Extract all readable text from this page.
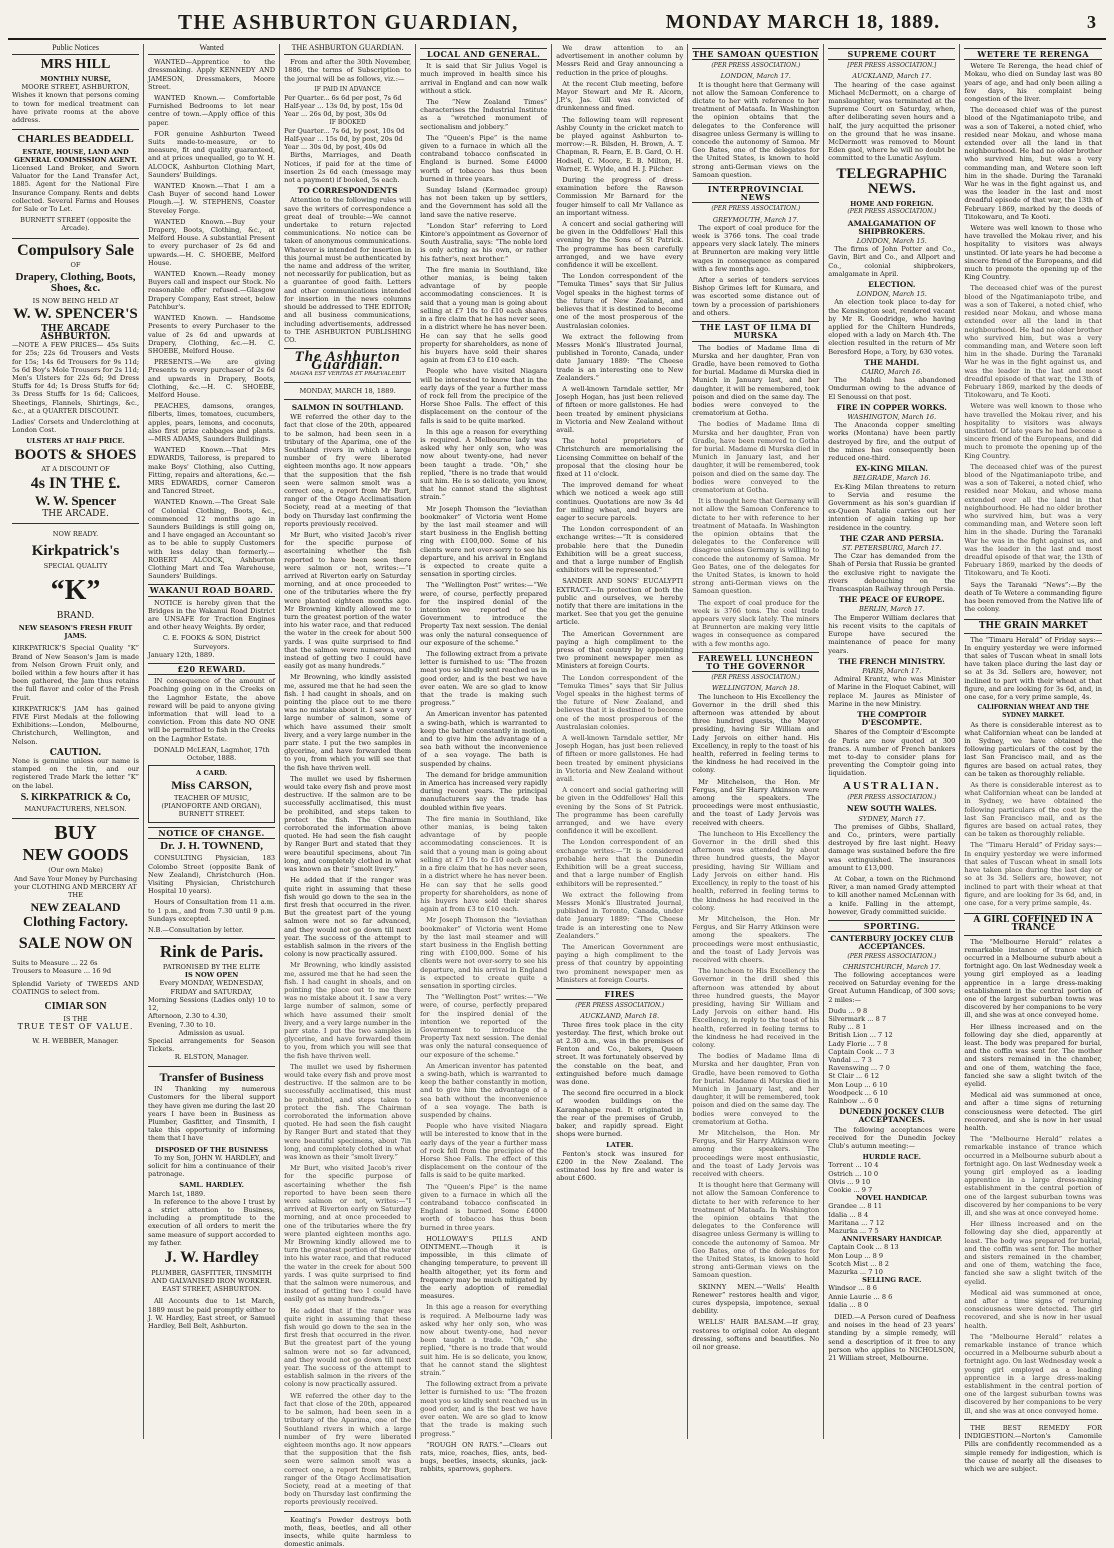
THE ASHBURTON GUARDIAN,	MONDAY MARCH 18, 1889.	3
Public Notices
MRS HILL
MONTHLY NURSE,
MOORE STREET, ASHBURTON,

Wishes it known that persons coming to town for medical treatment can have private rooms at the above address.

CHARLES BEADDELL
ESTATE, HOUSE, LAND AND GENERAL COMMISSION AGENT.

Licensed Land Broker, and Sworn Valuator for the Land Transfer Act, 1885. Agent for the National Fire Insurance Company. Rents and debts collected. Several Farms and Houses for Sale or To Let.

BURNETT STREET (opposite the Arcade).
Compulsory Sale
OF
Drapery, Clothing, Boots, Shoes, &c.
IS NOW BEING HELD AT
W. W. SPENCER'S
THE ARCADE ASHBURTON.

—NOTE A FEW PRICES— 45s Suits for 25s; 22s 6d Trousers and Vests for 15s; 14s 6d Trousers for 9s 11d; 5s 6d Boy's Mole Trousers for 2s 11d; Men's Ulsters for 22s 6d; 9d Dress Stuffs for 4d; 1s Dress Stuffs for 6d; 3s Dress Stuffs for 1s 6d; Calicoes, Sheetings, Flannels, Shirtings, &c., &c., at a QUARTER DISCOUNT.

Ladies' Corsets and Underclothing at London Cost.

ULSTERS AT HALF PRICE.
BOOTS & SHOES
AT A DISCOUNT OF
4s IN THE £.
W. W. Spencer
THE ARCADE.
NOW READY.
Kirkpatrick's
SPECIAL QUALITY
“K”
BRAND.
NEW SEASON'S FRESH FRUIT JAMS.

KIRKPATRICK'S Special Quality “K” Brand of New Season's Jam is made from Nelson Grown Fruit only, and boiled within a few hours after it has been gathered, the Jam thus retains the full flavor and color of the Fresh Fruit.

KIRKPATRICK'S JAM has gained FIVE First Medals at the following Exhibitions:—London, Melbourne, Christchurch, Wellington, and Nelson.

CAUTION.

None is genuine unless our name is stamped on the tin, and our registered Trade Mark the letter “K” on the label.

S. KIRKPATRICK & Co,
MANUFACTURERS, NELSON.
BUY
NEW GOODS
(Our own Make)
And Save Your Money by Purchasing your CLOTHING AND MERCERY AT THE
NEW ZEALAND
Clothing Factory.
SALE NOW ON
Suits to Measure ... 22 6s
Trousers to Measure ... 16 9d

Splendid Variety of TWEEDS AND COATINGS to select from.

CIMIAR SON
IS THE
TRUE TEST OF VALUE.
W. H. WEBBER, Manager.
Wanted

WANTED—Apprentice to the dressmaking. Apply KENNEDY AND JAMESON, Dressmakers, Moore Street.

WANTED Known.— Comfortable Furnished Bedrooms to let near centre of town.—Apply office of this paper.

FOR genuine Ashburton Tweed Suits made-to-measure, or to measure, fit and quality guaranteed, and at prices unequalled, go to W. H. ALCOCK, Ashburton Clothing Mart, Saunders' Buildings.

WANTED Known.—That I am a Cash Buyer of second hand Lower Plough.—J. W. STEPHENS, Coaster Steveley Forge.

WANTED Known.—Buy your Drapery, Boots, Clothing, &c., at Melford House. A substantial Present to every purchaser of 2s 6d and upwards.—H. C. SHOEBE, Melford House.

WANTED Known.—Ready money Buyers call and inspect our Stock. No reasonable offer refused.—Glasgow Drapery Company, East street, below Patchbur's.

WANTED Known. — Handsome Presents to every Purchaser to the value of 2s 6d and upwards at Drapery, Clothing, &c.—H. C. SHOEBE, Melford House.

PRESENTS.—We are giving Presents to every purchaser of 2s 6d and upwards in Drapery, Boots, Clothing, &c.—H. C. SHOEBE, Melford House.

PEACHES, damsons, oranges, filberts, limes, tomatoes, cucumbers, apples, pears, lemons, and coconuts, also first prize cabbages and plants.—MRS ADAMS, Saunders Buildings.

WANTED Known.—That Mrs EDWARDS, Tailoress, is prepared to make Boys' Clothing, also Cutting, Fitting, repairs and alterations, &c.—MRS EDWARDS, corner Cameron and Tancred Street.

WANTED Known.—The Great Sale of Colonial Clothing, Boots, &c., commenced 12 months ago in Saunders Buildings is still going on, and I have engaged an Accountant so as to be able to supply Customers with less delay than formerly.—ROBERT ALCOCK, Ashburton Clothing Mart and Tea Warehouse, Saunders' Buildings.

WAKANUI ROAD BOARD.

NOTICE is hereby given that the Bridges in the Wakanui Road District are UNSAFE for Traction Engines and other heavy Weights. By order,

C. E. FOOKS & SON, District Surveyors.
January 12th, 1889.
£20 REWARD.

IN consequence of the amount of Poaching going on in the Creeks on the Lagmhor Estate, the above reward will be paid to anyone giving information that will lead to a conviction. From this date NO ONE will be permitted to fish in the Creeks on the Lagmhor Estate.

DONALD McLEAN, Lagmhor, 17th October, 1888.
A CARD.
Miss CARSON,
TEACHER OF MUSIC, (PIANOFORTE AND ORGAN),
BURNETT STREET.
NOTICE OF CHANGE.
Dr. J. H. TOWNEND,

CONSULTING Physician, 183 Colombo Street (opposite Bank of New Zealand), Christchurch (Hon. Visiting Physician, Christchurch Hospital 10 years).

Hours of Consultation from 11 a.m. to 1 p.m., and from 7.30 until 9 p.m. Sundays excepted.

N.B.—Consultation by letter.
Rink de Paris.
PATRONISED BY THE ELITE
IS NOW OPEN
Every MONDAY, WEDNESDAY, FRIDAY and SATURDAY,
Morning Sessions (Ladies only) 10 to 12,
Afternoon, 2.30 to 4.30,
Evening, 7.30 to 10.
Admission as usual.
Special arrangements for Season Tickets.
R. ELSTON, Manager.
Transfer of Business

IN Thanking my numerous Customers for the liberal support they have given me during the last 20 years I have been in Business as Plumber, Gasfitter, and Tinsmith, I take this opportunity of informing them that I have

DISPOSED OF THE BUSINESS

To my Son, JOHN W. HARDLEY, and solicit for him a continuance of their patronage.

SAML. HARDLEY.
March 1st, 1889.

In reference to the above I trust by a strict attention to Business, including a promptitude to the execution of all orders to merit the same measure of support accorded to my father.

J. W. Hardley
PLUMBER, GASFITTER, TINSMITH AND GALVANISED IRON WORKER.
EAST STREET, ASHBURTON.

All Accounts due to 1st March, 1889 must be paid promptly either to J. W. Hardley, East street, or Samuel Hardley, Bell Belt, Ashburton.

THE ASHBURTON GUARDIAN.

From and after the 30th November, 1886, the terms of Subscription to the journal will be as follows, viz.:—

IF PAID IN ADVANCE
Per Quarter... 6s 6d per post, 7s 6d
Half-year ... 13s 0d, by post, 15s 0d
Year ... 26s 0d, by post, 30s 0d
IF BOOKED
Per Quarter... 7s 6d, by post, 10s 0d
Half-year ... 15s 0d, by post, 20s 0d
Year ... 30s 0d, by post, 40s 0d

Births, Marriages, and Death Notices, if paid for at the time of insertion 2s 6d each (message may not a payment) if booked, 5s each.

TO CORRESPONDENTS

Attention to the following rules will save the writers of correspondence a great deal of trouble:—We cannot undertake to return rejected communications. No notice can be taken of anonymous communications. Whatever is intended for insertion in this journal must be authenticated by the name and address of the writer, not necessarily for publication, but as a guarantee of good faith. Letters and other communications intended for insertion in the news columns should be addressed to THE EDITOR; and all business communications, including advertisements, addressed to THE ASHBURTON PUBLISHING CO.

The Ashburton Guardian.
MAGNA EST VERITAS ET PRAEVALEBIT
MONDAY, MARCH 18, 1889.
SALMON IN SOUTHLAND.

WE referred the other day to the fact that close of the 20th, appeared to be salmon, had been seen in a tributary of the Aparima, one of the Southland rivers in which a large number of fry were liberated eighteen months ago. It now appears that the supposition that the fish seen were salmon smolt was a correct one, a report from Mr Burt, ranger of the Otago Acclimatisation Society, read at a meeting of that body on Thursday last confirming the reports previously received.

Mr Burt, who visited Jacob's river for the specific purpose of ascertaining whether the fish reported to have been seen there were salmon or not, writes:—“I arrived at Riverton early on Saturday morning, and at once proceeded to one of the tributaries where the fry were planted eighteen months ago. Mr Browning kindly allowed me to turn the greatest portion of the water into his water race, and that reduced the water in the creek for about 500 yards. I was quite surprised to find that the salmon were numerous, and instead of getting two I could have easily got as many hundreds.”

Mr Browning, who kindly assisted me, assured me that he had seen the fish. I had caught in shoals, and on pointing the place out to me there was no mistake about it. I saw a very large number of salmon, some of which have assumed their smolt livery, and a very large number in the parr state. I put the two samples in glycerine, and have forwarded them to you, from which you will see that the fish have thriven well.

The mullet we used by fishermen would take every fish and prove most destructive. If the salmon are to be successfully acclimatised, this must be prohibited, and steps taken to protect the fish. The Chairman corroborated the information above quoted. He had seen the fish caught by Ranger Burt and stated that they were beautiful specimens, about 7in long, and completely clothed in what was known as their “smolt livery.”

He added that if the ranger was quite right in assuming that these fish would go down to the sea in the first fresh that occurred in the river. But the greatest part of the young salmon were not so far advanced, and they would not go down till next year. The success of the attempt to establish salmon in the rivers of the colony is now practically assured.

Mr Browning, who kindly assisted me, assured me that he had seen the fish. I had caught in shoals, and on pointing the place out to me there was no mistake about it. I saw a very large number of salmon, some of which have assumed their smolt livery, and a very large number in the parr state. I put the two samples in glycerine, and have forwarded them to you, from which you will see that the fish have thriven well.

The mullet we used by fishermen would take every fish and prove most destructive. If the salmon are to be successfully acclimatised, this must be prohibited, and steps taken to protect the fish. The Chairman corroborated the information above quoted. He had seen the fish caught by Ranger Burt and stated that they were beautiful specimens, about 7in long, and completely clothed in what was known as their “smolt livery.”

Mr Burt, who visited Jacob's river for the specific purpose of ascertaining whether the fish reported to have been seen there were salmon or not, writes:—“I arrived at Riverton early on Saturday morning, and at once proceeded to one of the tributaries where the fry were planted eighteen months ago. Mr Browning kindly allowed me to turn the greatest portion of the water into his water race, and that reduced the water in the creek for about 500 yards. I was quite surprised to find that the salmon were numerous, and instead of getting two I could have easily got as many hundreds.”

He added that if the ranger was quite right in assuming that these fish would go down to the sea in the first fresh that occurred in the river. But the greatest part of the young salmon were not so far advanced, and they would not go down till next year. The success of the attempt to establish salmon in the rivers of the colony is now practically assured.

WE referred the other day to the fact that close of the 20th, appeared to be salmon, had been seen in a tributary of the Aparima, one of the Southland rivers in which a large number of fry were liberated eighteen months ago. It now appears that the supposition that the fish seen were salmon smolt was a correct one, a report from Mr Burt, ranger of the Otago Acclimatisation Society, read at a meeting of that body on Thursday last confirming the reports previously received.

Keating's Powder destroys both moth, fleas, beetles, and all other insects, while quite harmless to domestic animals.

LOCAL AND GENERAL.

It is said that Sir Julius Vogel is much improved in health since his arrival in England and can now walk without a stick.

The “New Zealand Times” characterises the Industrial Institute as a “wretched monument of sectionalism and jobbery.”

The “Queen's Pipe” is the name given to a furnace in which all the contraband tobacco confiscated in England is burned. Some £4000 worth of tobacco has thus been burned in three years.

Sunday Island (Kermadec group) has not been taken up by settlers, and the Government has sold all the land save the native reserve.

“London Star” referring to Lord Kintore's appointment as Governor of South Australia, says: “The noble lord is only acting as his own, or rather his father's, next brother.”

The fire mania in Southland, like other manias, is being taken advantage of by people accommodating consciences. It is said that a young man is going about selling at £7 10s to £10 each shares in a fire claim that he has never seen, in a district where he has never been. He can say that he sells good property for shareholders, as none of his buyers have sold their shares again at from £3 to £10 each.

People who have visited Niagara will be interested to know that in the early days of the year a further mass of rock fell from the precipice of the Horse Shoe Falls. The effect of this displacement on the contour of the falls is said to be quite marked.

In this age a reason for everything is required. A Melbourne lady was asked why her only son, who was now about twenty-one, had never been taught a trade. “Oh,” she replied, “there is no trade that would suit him. He is so delicate, you know, that he cannot stand the slightest strain.”

Mr Joseph Thomson the “leviathan bookmaker” of Victoria went Home by the last mail steamer and will start business in the English betting ring with £100,000. Some of his clients were not over-sorry to see his departure, and his arrival in England is expected to create quite a sensation in sporting circles.

The “Wellington Post” writes:—“We were, of course, perfectly prepared for the inspired denial of the intention we reported of the Government to introduce the Property Tax next session. The denial was only the natural consequence of our exposure of the scheme.”

The following extract from a private letter is furnished to us: “The frozen meat you so kindly sent reached us in good order, and is the best we have ever eaten. We are so glad to know that the trade is making such progress.”

An American inventor has patented a swing-bath, which is warranted to keep the bather constantly in motion, and to give him the advantage of a sea bath without the inconvenience of a sea voyage. The bath is suspended by chains.

The demand for bridge ammunition in America has increased very rapidly during recent years. The principal manufacturers say the trade has doubled within five years.

The fire mania in Southland, like other manias, is being taken advantage of by people accommodating consciences. It is said that a young man is going about selling at £7 10s to £10 each shares in a fire claim that he has never seen, in a district where he has never been. He can say that he sells good property for shareholders, as none of his buyers have sold their shares again at from £3 to £10 each.

Mr Joseph Thomson the “leviathan bookmaker” of Victoria went Home by the last mail steamer and will start business in the English betting ring with £100,000. Some of his clients were not over-sorry to see his departure, and his arrival in England is expected to create quite a sensation in sporting circles.

The “Wellington Post” writes:—“We were, of course, perfectly prepared for the inspired denial of the intention we reported of the Government to introduce the Property Tax next session. The denial was only the natural consequence of our exposure of the scheme.”

An American inventor has patented a swing-bath, which is warranted to keep the bather constantly in motion, and to give him the advantage of a sea bath without the inconvenience of a sea voyage. The bath is suspended by chains.

People who have visited Niagara will be interested to know that in the early days of the year a further mass of rock fell from the precipice of the Horse Shoe Falls. The effect of this displacement on the contour of the falls is said to be quite marked.

The “Queen's Pipe” is the name given to a furnace in which all the contraband tobacco confiscated in England is burned. Some £4000 worth of tobacco has thus been burned in three years.

HOLLOWAY'S PILLS AND OINTMENT.—Though it is impossible, in this climate of changing temperature, to prevent ill health altogether, yet its form and frequency may be much mitigated by the early adoption of remedial measures.

In this age a reason for everything is required. A Melbourne lady was asked why her only son, who was now about twenty-one, had never been taught a trade. “Oh,” she replied, “there is no trade that would suit him. He is so delicate, you know, that he cannot stand the slightest strain.”

The following extract from a private letter is furnished to us: “The frozen meat you so kindly sent reached us in good order, and is the best we have ever eaten. We are so glad to know that the trade is making such progress.”

“ROUGH ON RATS.”—Clears out rats, mice, roaches, flies, ants, bed-bugs, beetles, insects, skunks, jack-rabbits, sparrows, gophers.

We draw attention to an advertisement in another column by Messrs Reid and Gray announcing a reduction in the price of ploughs.

At the recent Club meeting, before Mayor Stewart and Mr R. Alcorn, J.P.'s, Jas. Gill was convicted of drunkenness and fined.

The following team will represent Ashby County in the cricket match to be played against Ashburton to-morrow:—R. Bilsden, H. Brown, A. T. Chapman, R. Fearn, E. B. Gard, O. H. Hodsell, C. Moore, E. B. Milton, H. Warner, E. Wylde, and H. J. Pilcher.

During the progress of dress-examination before the Rawson Commission Mr Barnard for the fouger himself to call Mr Vallance as an important witness.

A concert and social gathering will be given in the Oddfellows' Hall this evening by the Sons of St Patrick. The programme has been carefully arranged, and we have every confidence it will be excellent.

The London correspondent of the “Temuka Times” says that Sir Julius Vogel speaks in the highest terms of the future of New Zealand, and believes that it is destined to become one of the most prosperous of the Australasian colonies.

We extract the following from Messrs Monk's Illustrated Journal, published in Toronto, Canada, under date January 1889: “The Cheese trade is an interesting one to New Zealanders.”

A well-known Tarndale settler, Mr Joseph Hogan, has just been relieved of fifteen or more gallstones. He had been treated by eminent physicians in Victoria and New Zealand without avail.

The hotel proprietors of Christchurch are memorialising the Licensing Committee on behalf of the proposal that the closing hour be fixed at 11 o'clock.

The improved demand for wheat which we noticed a week ago still continues. Quotations are now 3s 4d for milling wheat, and buyers are eager to secure parcels.

The London correspondent of an exchange writes:—“It is considered probable here that the Dunedin Exhibition will be a great success, and that a large number of English exhibitors will be represented.”

SANDER AND SONS' EUCALYPTI EXTRACT.—In protection of both the public and ourselves, we hereby notify that there are imitations in the market. See that you get the genuine article.

The American Government are paying a high compliment to the press of that country by appointing two prominent newspaper men as Ministers at foreign Courts.

The London correspondent of the “Temuka Times” says that Sir Julius Vogel speaks in the highest terms of the future of New Zealand, and believes that it is destined to become one of the most prosperous of the Australasian colonies.

A well-known Tarndale settler, Mr Joseph Hogan, has just been relieved of fifteen or more gallstones. He had been treated by eminent physicians in Victoria and New Zealand without avail.

A concert and social gathering will be given in the Oddfellows' Hall this evening by the Sons of St Patrick. The programme has been carefully arranged, and we have every confidence it will be excellent.

The London correspondent of an exchange writes:—“It is considered probable here that the Dunedin Exhibition will be a great success, and that a large number of English exhibitors will be represented.”

We extract the following from Messrs Monk's Illustrated Journal, published in Toronto, Canada, under date January 1889: “The Cheese trade is an interesting one to New Zealanders.”

The American Government are paying a high compliment to the press of that country by appointing two prominent newspaper men as Ministers at foreign Courts.

FIRES
(PER PRESS ASSOCIATION.)
AUCKLAND, March 18.

Three fires took place in the city yesterday. The first, which broke out at 2.30 a.m., was in the premises of Fenton and Co., bakers, Queen street. It was fortunately observed by the constable on the beat, and extinguished before much damage was done.

The second fire occurred in a block of wooden buildings on the Karangahape road. It originated in the rear of the premises of Grubb, baker, and rapidly spread. Eight shops were burned.

LATER.

Fenton's stock was insured for £200 in the New Zealand. The estimated loss by fire and water is about £600.

THE SAMOAN QUESTION
(PER PRESS ASSOCIATION.)
LONDON, March 17.

It is thought here that Germany will not allow the Samoan Conference to dictate to her with reference to her treatment of Mataafa. In Washington the opinion obtains that the delegates to the Conference will disagree unless Germany is willing to concede the autonomy of Samoa. Mr Geo Bates, one of the delegates for the United States, is known to hold strong anti-German views on the Samoan question.

INTERPROVINCIAL NEWS
(PER PRESS ASSOCIATION.)
GREYMOUTH, March 17.

The export of coal produce for the week is 3766 tons. The coal trade appears very slack lately. The miners at Brunnerton are making very little wages in consequence as compared with a few months ago.

After a series of tenders services Bishop Grimes left for Kumara, and was escorted some distance out of town by a procession of parishioners and others.

THE LAST OF ILMA DI MURSKA

The bodies of Madame Ilma di Murska and her daughter, Fran von Gradle, have been removed to Gotha for burial. Madame di Murska died in Munich in January last, and her daughter, it will be remembered, took poison and died on the same day. The bodies were conveyed to the crematorium at Gotha.

The bodies of Madame Ilma di Murska and her daughter, Fran von Gradle, have been removed to Gotha for burial. Madame di Murska died in Munich in January last, and her daughter, it will be remembered, took poison and died on the same day. The bodies were conveyed to the crematorium at Gotha.

It is thought here that Germany will not allow the Samoan Conference to dictate to her with reference to her treatment of Mataafa. In Washington the opinion obtains that the delegates to the Conference will disagree unless Germany is willing to concede the autonomy of Samoa. Mr Geo Bates, one of the delegates for the United States, is known to hold strong anti-German views on the Samoan question.

The export of coal produce for the week is 3766 tons. The coal trade appears very slack lately. The miners at Brunnerton are making very little wages in consequence as compared with a few months ago.

FAREWELL LUNCHEON TO THE GOVERNOR
(PER PRESS ASSOCIATION.)
WELLINGTON, March 18.

The luncheon to His Excellency the Governor in the drill shed this afternoon was attended by about three hundred guests, the Mayor presiding, having Sir William and Lady Jervois on either hand. His Excellency, in reply to the toast of his health, referred in feeling terms to the kindness he had received in the colony.

Mr Mitchelson, the Hon. Mr Fergus, and Sir Harry Atkinson were among the speakers. The proceedings were most enthusiastic, and the toast of Lady Jervois was received with cheers.

The luncheon to His Excellency the Governor in the drill shed this afternoon was attended by about three hundred guests, the Mayor presiding, having Sir William and Lady Jervois on either hand. His Excellency, in reply to the toast of his health, referred in feeling terms to the kindness he had received in the colony.

Mr Mitchelson, the Hon. Mr Fergus, and Sir Harry Atkinson were among the speakers. The proceedings were most enthusiastic, and the toast of Lady Jervois was received with cheers.

The luncheon to His Excellency the Governor in the drill shed this afternoon was attended by about three hundred guests, the Mayor presiding, having Sir William and Lady Jervois on either hand. His Excellency, in reply to the toast of his health, referred in feeling terms to the kindness he had received in the colony.

The bodies of Madame Ilma di Murska and her daughter, Fran von Gradle, have been removed to Gotha for burial. Madame di Murska died in Munich in January last, and her daughter, it will be remembered, took poison and died on the same day. The bodies were conveyed to the crematorium at Gotha.

Mr Mitchelson, the Hon. Mr Fergus, and Sir Harry Atkinson were among the speakers. The proceedings were most enthusiastic, and the toast of Lady Jervois was received with cheers.

It is thought here that Germany will not allow the Samoan Conference to dictate to her with reference to her treatment of Mataafa. In Washington the opinion obtains that the delegates to the Conference will disagree unless Germany is willing to concede the autonomy of Samoa. Mr Geo Bates, one of the delegates for the United States, is known to hold strong anti-German views on the Samoan question.

SKINNY MEN.—“Wells' Health Renewer” restores health and vigor, cures dyspepsia, impotence, sexual debility.

WELLS' HAIR BALSAM.—If gray, restores to original color. An elegant dressing, softens and beautifies. No oil nor grease.

SUPREME COURT
[PER PRESS ASSOCIATION.]
AUCKLAND, March 17.

The hearing of the case against Michael McDermott, on a charge of manslaughter, was terminated at the Supreme Court on Saturday, when, after deliberating seven hours and a half, the jury acquitted the prisoner on the ground that he was insane. McDermott was removed to Mount Eden gaol, where he will no doubt be committed to the Lunatic Asylum.

TELEGRAPHIC NEWS.
HOME AND FOREIGN.
(PER PRESS ASSOCIATION.)
AMALGAMATION OF SHIPBROKERS.
LONDON, March 15.

The firms of John Potter and Co., Gavin, Birt and Co., and Allport and Co., colonial shipbrokers, amalgamate in April.

ELECTION.
LONDON, March 15.

An election took place to-day for the Kensington seat, rendered vacant by Mr R. Goodridge, who having applied for the Chiltern Hundreds, eloped with a lady on March 4th. The election resulted in the return of Mr Beresford Hope, a Tory, by 630 votes.

THE MAHDI.
CAIRO, March 16.

The Mahdi has abandoned Omdurman owing to the advance of El Senoussi on that post.

FIRE IN COPPER WORKS.
WASHINGTON, March 16.

The Anaconda copper smelting works (Montana) have been partly destroyed by fire, and the output of the mines has consequently been reduced one-third.

EX-KING MILAN.
BELGRADE, March 16.

Ex-King Milan threatens to return to Servia and resume the Government as his son's guardian if ex-Queen Natalie carries out her intention of again taking up her residence in the country.

THE CZAR AND PERSIA.
ST. PETERSBURG, March 17.

The Czar has demanded from the Shah of Persia that Russia be granted the exclusive right to navigate the rivers debouching on the Transcaspian Railway through Persia.

THE PEACE OF EUROPE.
BERLIN, March 17.

The Emperor William declares that his recent visits to the capitals of Europe have secured the maintenance of peace for many years.

THE FRENCH MINISTRY.
PARIS, March 17.

Admiral Krantz, who was Minister of Marine in the Floquet Cabinet, will replace M. Jaures as Minister of Marine in the new Ministry.

THE COMPTOIR D'ESCOMPTE.

Shares of the Comptoir d'Escompte de Paris are now quoted at 300 francs. A number of French bankers met to-day to consider plans for preventing the Comptoir going into liquidation.

AUSTRALIAN.
(PER PRESS ASSOCIATION.)
NEW SOUTH WALES.
SYDNEY, March 17.

The premises of Gibbs, Shallard, and Co., printers, were partially destroyed by fire last night. Heavy damage was sustained before the fire was extinguished. The insurances amount to £13,000.

At Cobar, a town on the Richmond River, a man named Grady attempted to kill another named McLennan with a knife. Falling in the attempt, however, Grady committed suicide.

SPORTING.
CANTERBURY JOCKEY CLUB ACCEPTANCES.
(PER PRESS ASSOCIATION.)
CHRISTCHURCH, March 17.

The following acceptances were received on Saturday evening for the Great Autumn Handicap, of 300 sovs; 2 miles:—

Dudu ... 9 8
Silvermark ... 8 7
Ruby ... 8 1
British Lion ... 7 12
Lady Florie ... 7 8
Captain Cook ... 7 3
Vandal ... 7 3
Ravenswing ... 7 0
St Clair ... 6 12
Mon Loup ... 6 10
Woodpeck ... 6 10
Rainbow ... 6 0
DUNEDIN JOCKEY CLUB ACCEPTANCES.

The following acceptances were received for the Dunedin Jockey Club's autumn meeting:—

HURDLE RACE.
Torrent ... 10 4
Ostrich ... 10 0
Olvis ... 9 10
Cookie ... 9 7
NOVEL HANDICAP.
Grandee ... 8 11
Idalia ... 8 4
Maritana ... 7 12
Mazurka ... 7 5
ANNIVERSARY HANDICAP.
Captain Cook ... 8 13
Mon Loup ... 8 9
Scotch Mist ... 8 2
Mazurka ... 7 10
SELLING RACE.
Windsor ... 8 6
Annie Laurie ... 8 6
Idalia ... 8 0

DIED.—A Person cured of Deafness and noises in the head of 23 years' standing by a simple remedy, will send a description of it free to any person who applies to NICHOLSON, 21 William street, Melbourne.

WETERE TE RERENGA

Wetere Te Rerenga, the head chief of Mokau, who died on Sunday last was 80 years of age, and had only been ailing a few days, his complaint being congestion of the liver.

The deceased chief was of the purest blood of the Ngatimaniapoto tribe, and was a son of Takerei, a noted chief, who resided near Mokau, and whose mana extended over all the land in that neighbourhood. He had no older brother who survived him, but was a very commanding man, and Wetere soon left him in the shade. During the Taranaki War he was in the fight against us, and was the leader in the last and most dreadful episode of that war, the 13th of February 1869, marked by the deeds of Titokowaru, and Te Kooti.

Wetere was well known to those who have travelled the Mokau river, and his hospitality to visitors was always unstinted. Of late years he had become a sincere friend of the Europeans, and did much to promote the opening up of the King Country.

The deceased chief was of the purest blood of the Ngatimaniapoto tribe, and was a son of Takerei, a noted chief, who resided near Mokau, and whose mana extended over all the land in that neighbourhood. He had no older brother who survived him, but was a very commanding man, and Wetere soon left him in the shade. During the Taranaki War he was in the fight against us, and was the leader in the last and most dreadful episode of that war, the 13th of February 1869, marked by the deeds of Titokowaru, and Te Kooti.

Wetere was well known to those who have travelled the Mokau river, and his hospitality to visitors was always unstinted. Of late years he had become a sincere friend of the Europeans, and did much to promote the opening up of the King Country.

The deceased chief was of the purest blood of the Ngatimaniapoto tribe, and was a son of Takerei, a noted chief, who resided near Mokau, and whose mana extended over all the land in that neighbourhood. He had no older brother who survived him, but was a very commanding man, and Wetere soon left him in the shade. During the Taranaki War he was in the fight against us, and was the leader in the last and most dreadful episode of that war, the 13th of February 1869, marked by the deeds of Titokowaru, and Te Kooti.

Says the Taranaki “News”:—By the death of Te Wetere a commanding figure has been removed from the Native life of the colony.

THE GRAIN MARKET

The “Timaru Herald” of Friday says:—In enquiry yesterday we were informed that sales of Tuscan wheat in small lots have taken place during the last day or so at 3s 3d. Sellers are, however, not inclined to part with their wheat at that figure, and are looking for 3s 6d, and, in one case, for a very prime sample, 4s.

CALIFORNIAN WHEAT AND THE SYDNEY MARKET.

As there is considerable interest as to what Californian wheat can be landed at in Sydney, we have obtained the following particulars of the cost by the last San Francisco mail, and as the figures are based on actual rates, they can be taken as thoroughly reliable.

As there is considerable interest as to what Californian wheat can be landed at in Sydney, we have obtained the following particulars of the cost by the last San Francisco mail, and as the figures are based on actual rates, they can be taken as thoroughly reliable.

The “Timaru Herald” of Friday says:—In enquiry yesterday we were informed that sales of Tuscan wheat in small lots have taken place during the last day or so at 3s 3d. Sellers are, however, not inclined to part with their wheat at that figure, and are looking for 3s 6d, and, in one case, for a very prime sample, 4s.

A GIRL COFFINED IN A TRANCE

The “Melbourne Herald” relates a remarkable instance of trance which occurred in a Melbourne suburb about a fortnight ago. On last Wednesday week a young girl employed as a leading apprentice in a large dress-making establishment in the central portion of one of the largest suburban towns was discovered by her companions to be very ill, and she was at once conveyed home.

Her illness increased and on the following day she died, apparently at least. The body was prepared for burial, and the coffin was sent for. The mother and sisters remained in the chamber, and one of them, watching the face, fancied she saw a slight twitch of the eyelid.

Medical aid was summoned at once, and after a time signs of returning consciousness were detected. The girl recovered, and she is now in her usual health.

The “Melbourne Herald” relates a remarkable instance of trance which occurred in a Melbourne suburb about a fortnight ago. On last Wednesday week a young girl employed as a leading apprentice in a large dress-making establishment in the central portion of one of the largest suburban towns was discovered by her companions to be very ill, and she was at once conveyed home.

Her illness increased and on the following day she died, apparently at least. The body was prepared for burial, and the coffin was sent for. The mother and sisters remained in the chamber, and one of them, watching the face, fancied she saw a slight twitch of the eyelid.

Medical aid was summoned at once, and after a time signs of returning consciousness were detected. The girl recovered, and she is now in her usual health.

The “Melbourne Herald” relates a remarkable instance of trance which occurred in a Melbourne suburb about a fortnight ago. On last Wednesday week a young girl employed as a leading apprentice in a large dress-making establishment in the central portion of one of the largest suburban towns was discovered by her companions to be very ill, and she was at once conveyed home.

THE BEST REMEDY FOR INDIGESTION.—Norton's Camomile Pills are confidently recommended as a simple remedy for indigestion, which is the cause of nearly all the diseases to which we are subject.
